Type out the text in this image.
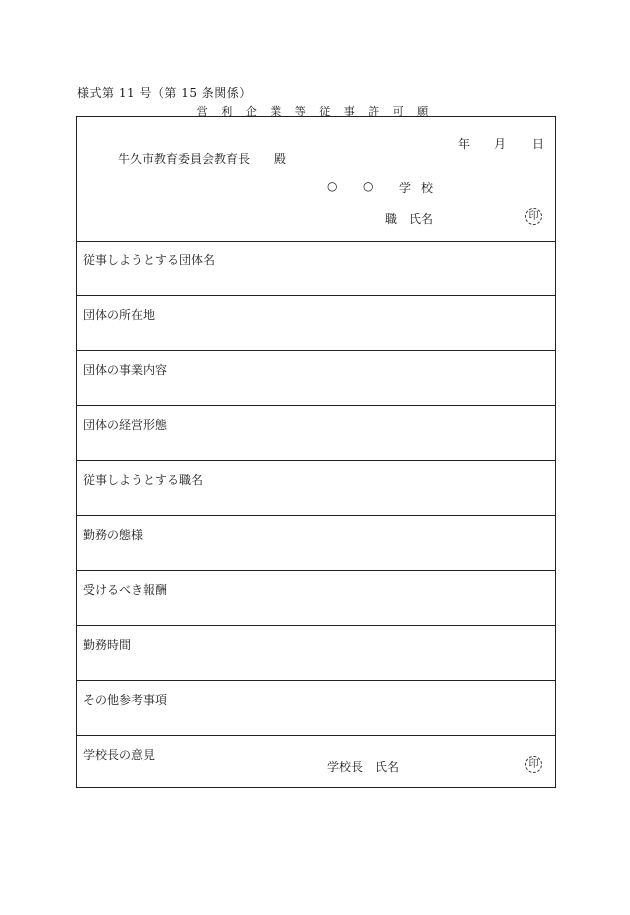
様式第 11 号（第 15 条関係）
営 利 企 業 等 従 事 許 可 願
年 月 日
牛久市教育委員会教育長　　殿
○ ○ 学校
職　氏名	印
従事しようとする団体名
団体の所在地
団体の事業内容
団体の経営形態
従事しようとする職名
勤務の態様
受けるべき報酬
勤務時間
その他参考事項
学校長の意見
学校長　氏名	印
